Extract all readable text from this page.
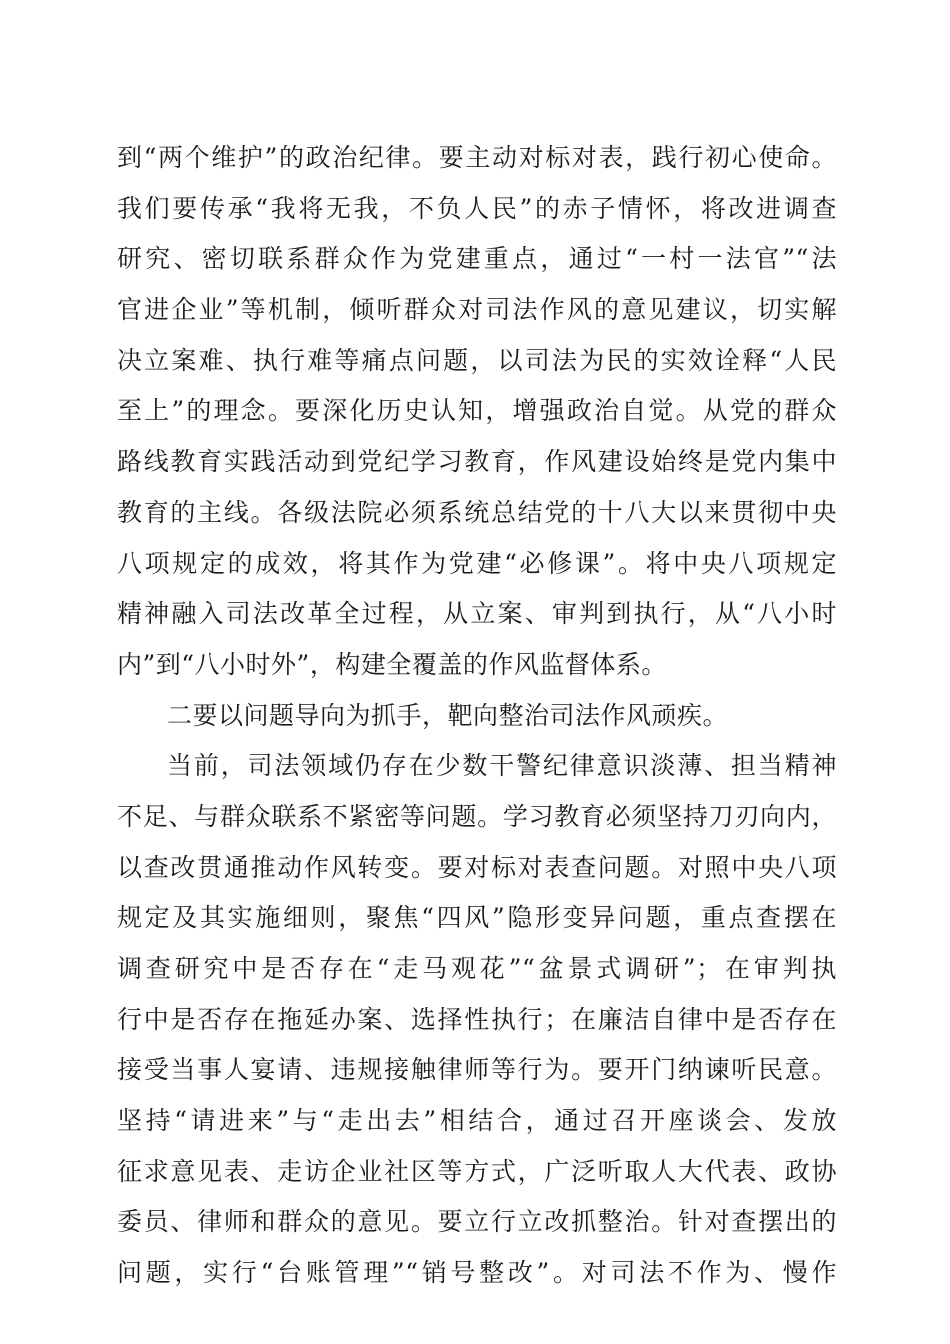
到“两个维护”的政治纪律。要主动对标对表，践行初心使命。
我们要传承“我将无我，不负人民”的赤子情怀，将改进调查
研究、密切联系群众作为党建重点，通过“一村一法官”“法
官进企业”等机制，倾听群众对司法作风的意见建议，切实解
决立案难、执行难等痛点问题，以司法为民的实效诠释“人民
至上”的理念。要深化历史认知，增强政治自觉。从党的群众
路线教育实践活动到党纪学习教育，作风建设始终是党内集中
教育的主线。各级法院必须系统总结党的十八大以来贯彻中央
八项规定的成效，将其作为党建“必修课”。将中央八项规定
精神融入司法改革全过程，从立案、审判到执行，从“八小时
内”到“八小时外”，构建全覆盖的作风监督体系。
二要以问题导向为抓手，靶向整治司法作风顽疾。
当前，司法领域仍存在少数干警纪律意识淡薄、担当精神
不足、与群众联系不紧密等问题。学习教育必须坚持刀刃向内，
以查改贯通推动作风转变。要对标对表查问题。对照中央八项
规定及其实施细则，聚焦“四风”隐形变异问题，重点查摆在
调查研究中是否存在“走马观花”“盆景式调研”；在审判执
行中是否存在拖延办案、选择性执行；在廉洁自律中是否存在
接受当事人宴请、违规接触律师等行为。要开门纳谏听民意。
坚持“请进来”与“走出去”相结合，通过召开座谈会、发放
征求意见表、走访企业社区等方式，广泛听取人大代表、政协
委员、律师和群众的意见。要立行立改抓整治。针对查摆出的
问题，实行“台账管理”“销号整改”。对司法不作为、慢作
